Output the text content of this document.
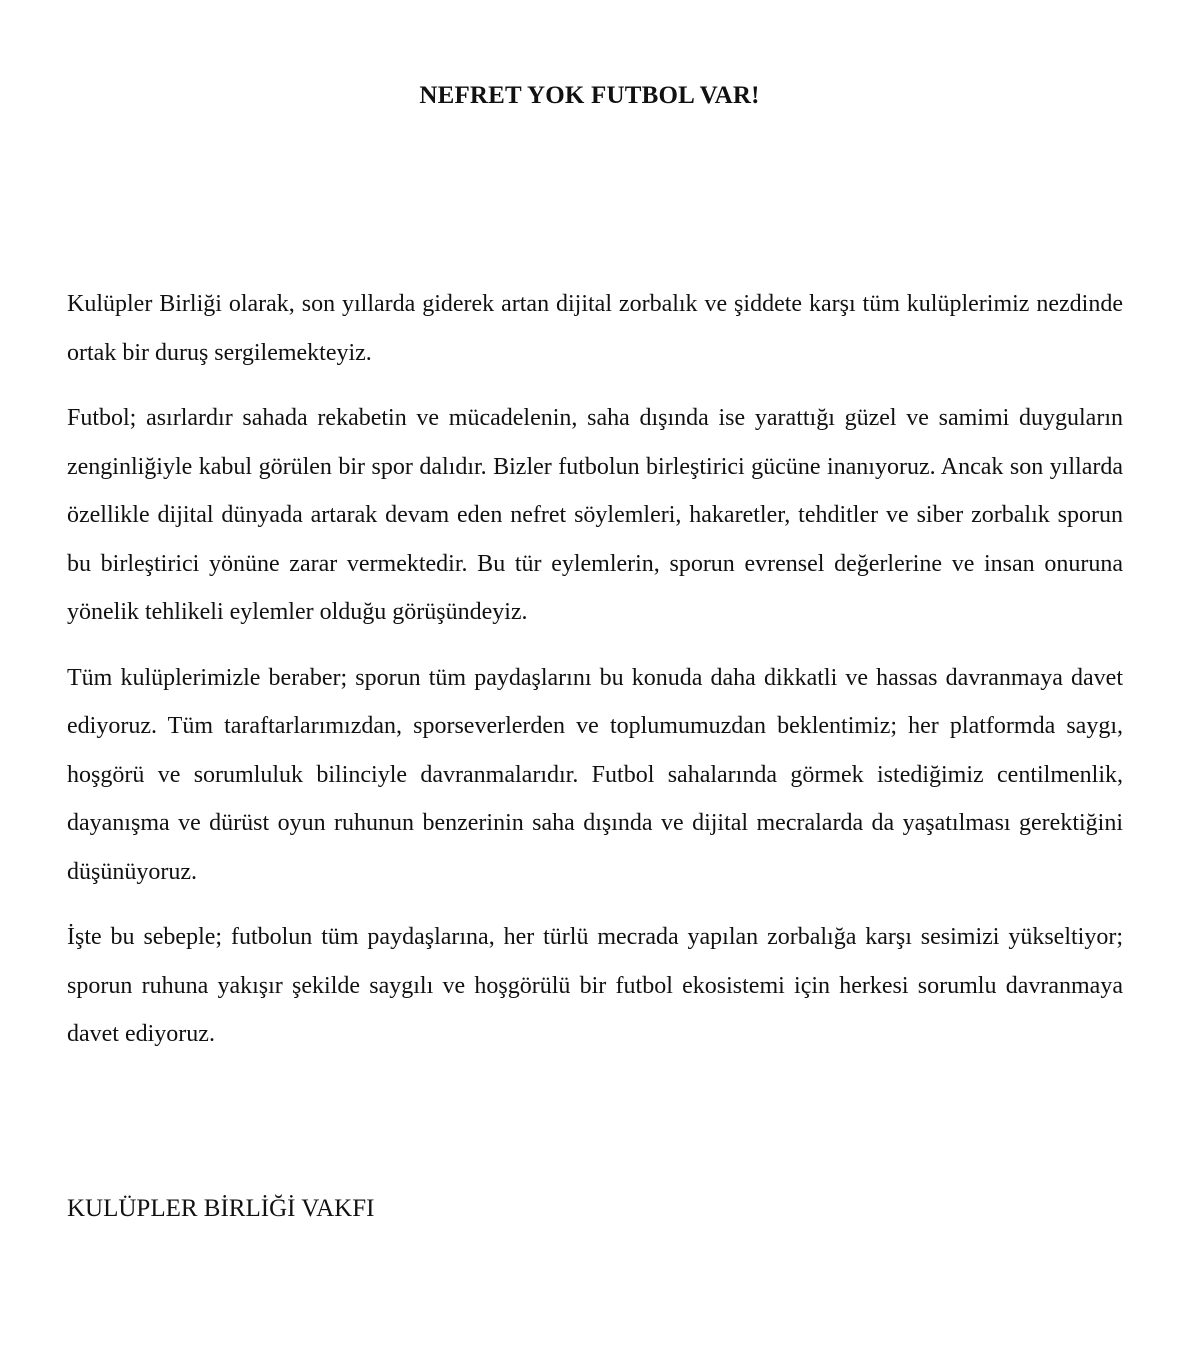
NEFRET YOK FUTBOL VAR!

Kulüpler Birliği olarak, son yıllarda giderek artan dijital zorbalık ve şiddete karşı tüm kulüplerimiz nezdinde ortak bir duruş sergilemekteyiz.

Futbol; asırlardır sahada rekabetin ve mücadelenin, saha dışında ise yarattığı güzel ve samimi duyguların zenginliğiyle kabul görülen bir spor dalıdır. Bizler futbolun birleştirici gücüne inanıyoruz. Ancak son yıllarda özellikle dijital dünyada artarak devam eden nefret söylemleri, hakaretler, tehditler ve siber zorbalık sporun bu birleştirici yönüne zarar vermektedir. Bu tür eylemlerin, sporun evrensel değerlerine ve insan onuruna yönelik tehlikeli eylemler olduğu görüşündeyiz.

Tüm kulüplerimizle beraber; sporun tüm paydaşlarını bu konuda daha dikkatli ve hassas davranmaya davet ediyoruz. Tüm taraftarlarımızdan, sporseverlerden ve toplumumuzdan beklentimiz; her platformda saygı, hoşgörü ve sorumluluk bilinciyle davranmalarıdır. Futbol sahalarında görmek istediğimiz centilmenlik, dayanışma ve dürüst oyun ruhunun benzerinin saha dışında ve dijital mecralarda da yaşatılması gerektiğini düşünüyoruz.

İşte bu sebeple; futbolun tüm paydaşlarına, her türlü mecrada yapılan zorbalığa karşı sesimizi yükseltiyor; sporun ruhuna yakışır şekilde saygılı ve hoşgörülü bir futbol ekosistemi için herkesi sorumlu davranmaya davet ediyoruz.

KULÜPLER BİRLİĞİ VAKFI
